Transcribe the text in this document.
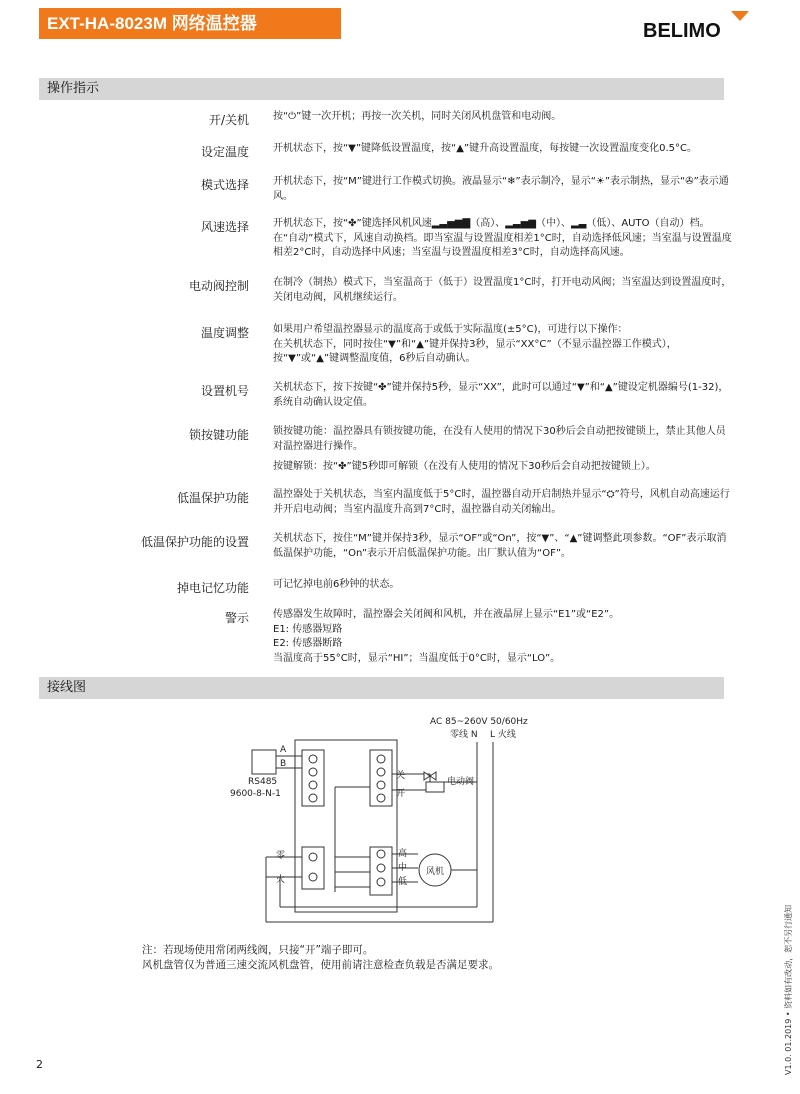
EXT-HA-8023M 网络温控器	BELIMO
操作指示
开/关机 按“⏻”键一次开机；再按一次关机，同时关闭风机盘管和电动阀。

设定温度 开机状态下，按“▼”键降低设置温度，按“▲”键升高设置温度，每按键一次设置温度变化0.5°C。

模式选择 开机状态下，按“M”键进行工作模式切换。液晶显示“❄”表示制冷，显示“☀”表示制热，显示“✇”表示通风。

风速选择 开机状态下，按“✤”键选择风机风速▂▃▅▆▇（高）、▂▃▅▆（中）、▂▃（低）、AUTO（自动）档。在“自动”模式下，风速自动换档。即当室温与设置温度相差1°C时，自动选择低风速；当室温与设置温度相差2°C时，自动选择中风速；当室温与设置温度相差3°C时，自动选择高风速。

电动阀控制 在制冷（制热）模式下，当室温高于（低于）设置温度1°C时，打开电动风阀；当室温达到设置温度时，关闭电动阀，风机继续运行。

温度调整 如果用户希望温控器显示的温度高于或低于实际温度(±5°C)，可进行以下操作：

在关机状态下，同时按住“▼”和“▲”键并保持3秒，显示“XX°C”（不显示温控器工作模式），按“▼”或“▲”键调整温度值，6秒后自动确认。

设置机号 关机状态下，按下按键“✤”键并保持5秒，显示“XX”，此时可以通过“▼”和“▲”键设定机器编号(1-32)，系统自动确认设定值。

锁按键功能 锁按键功能：温控器具有锁按键功能，在没有人使用的情况下30秒后会自动把按键锁上，禁止其他人员对温控器进行操作。

按键解锁：按“✤”键5秒即可解锁（在没有人使用的情况下30秒后会自动把按键锁上）。

低温保护功能 温控器处于关机状态，当室内温度低于5°C时，温控器自动开启制热并显示“⛭”符号，风机自动高速运行并开启电动阀；当室内温度升高到7°C时，温控器自动关闭输出。

低温保护功能的设置 关机状态下，按住“M”键并保持3秒，显示“OF”或“On”，按“▼”、“▲”键调整此项参数。“OF”表示取消低温保护功能，“On”表示开启低温保护功能。出厂默认值为“OF”。

掉电记忆功能 可记忆掉电前6秒钟的状态。

警示 传感器发生故障时，温控器会关闭阀和风机，并在液晶屏上显示“E1”或“E2”。

E1: 传感器短路

E2: 传感器断路

当温度高于55°C时，显示“HI”；当温度低于0°C时，显示“LO”。

接线图
AC 85~260V 50/60Hz
零线 N L 火线
RS485
9600-8-N-1
A
B
关
开
电动阀
零
火
高
中
低
风机
注：若现场使用常闭两线阀，只接“开”端子即可。
风机盘管仅为普通三速交流风机盘管，使用前请注意检查负载是否满足要求。	V1.0. 01.2019 • 资料如有改动，恕不另行通知
2
